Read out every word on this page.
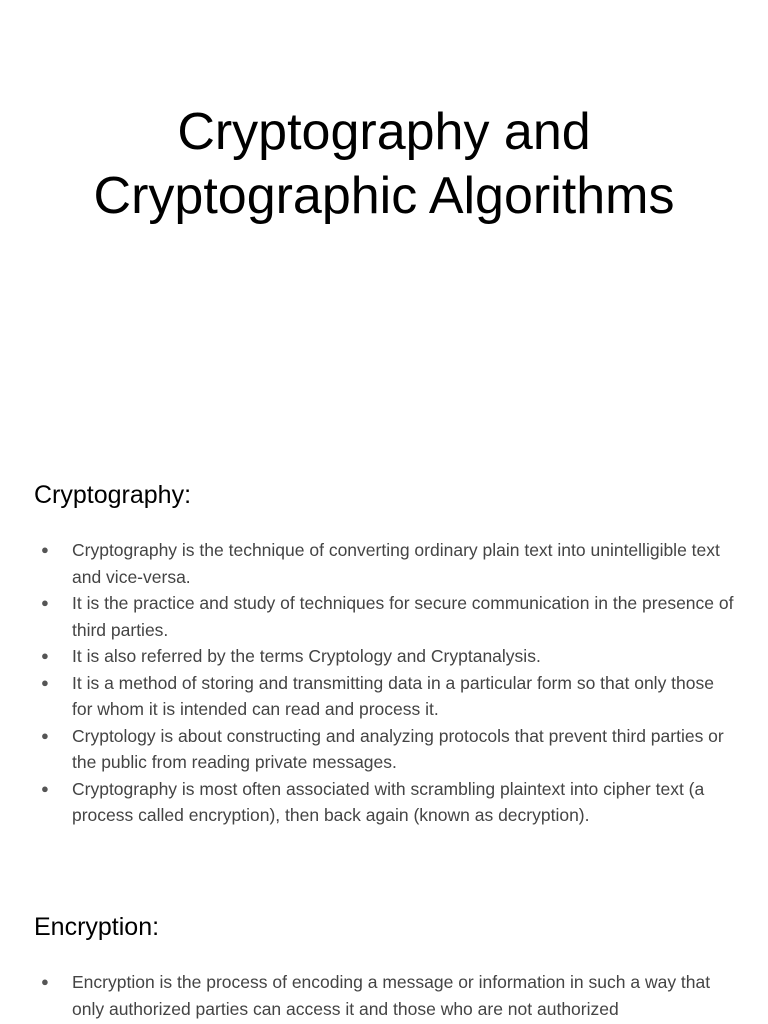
Cryptography and
Cryptographic Algorithms
Cryptography:
● Cryptography is the technique of converting ordinary plain text into unintelligible text and vice-versa.
● It is the practice and study of techniques for secure communication in the presence of third parties.
● It is also referred by the terms Cryptology and Cryptanalysis.
● It is a method of storing and transmitting data in a particular form so that only those for whom it is intended can read and process it.
● Cryptology is about constructing and analyzing protocols that prevent third parties or the public from reading private messages.
● Cryptography is most often associated with scrambling plaintext into cipher text (a process called encryption), then back again (known as decryption).
Encryption:
● Encryption is the process of encoding a message or information in such a way that only authorized parties can access it and those who are not authorized
